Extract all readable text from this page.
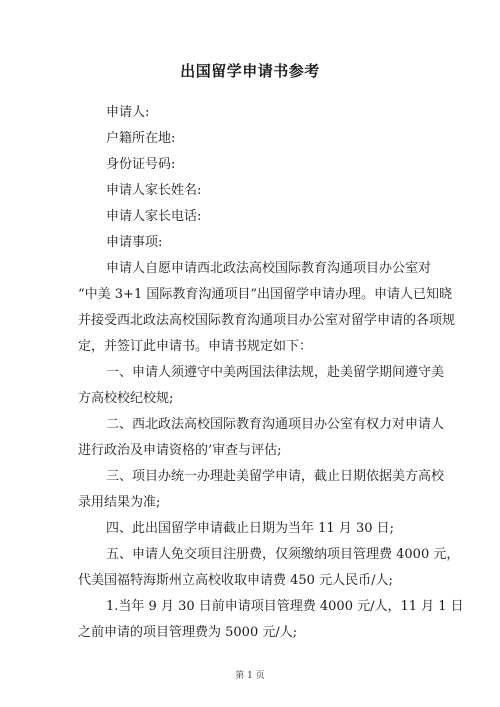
出国留学申请书参考
申请人:
户籍所在地:
身份证号码:
申请人家长姓名:
申请人家长电话:
申请事项:
申请人自愿申请西北政法高校国际教育沟通项目办公室对
“中美 3+1 国际教育沟通项目”出国留学申请办理。申请人已知晓
并接受西北政法高校国际教育沟通项目办公室对留学申请的各项规
定，并签订此申请书。申请书规定如下：
一、申请人须遵守中美两国法律法规，赴美留学期间遵守美
方高校校纪校规;
二、西北政法高校国际教育沟通项目办公室有权力对申请人
进行政治及申请资格的’审查与评估;
三、项目办统一办理赴美留学申请，截止日期依据美方高校
录用结果为准;
四、此出国留学申请截止日期为当年 11 月 30 日;
五、申请人免交项目注册费，仅须缴纳项目管理费 4000 元，
代美国福特海斯州立高校收取申请费 450 元人民币/人;
1.当年 9 月 30 日前申请项目管理费 4000 元/人，11 月 1 日
之前申请的项目管理费为 5000 元/人;
第 1 页
